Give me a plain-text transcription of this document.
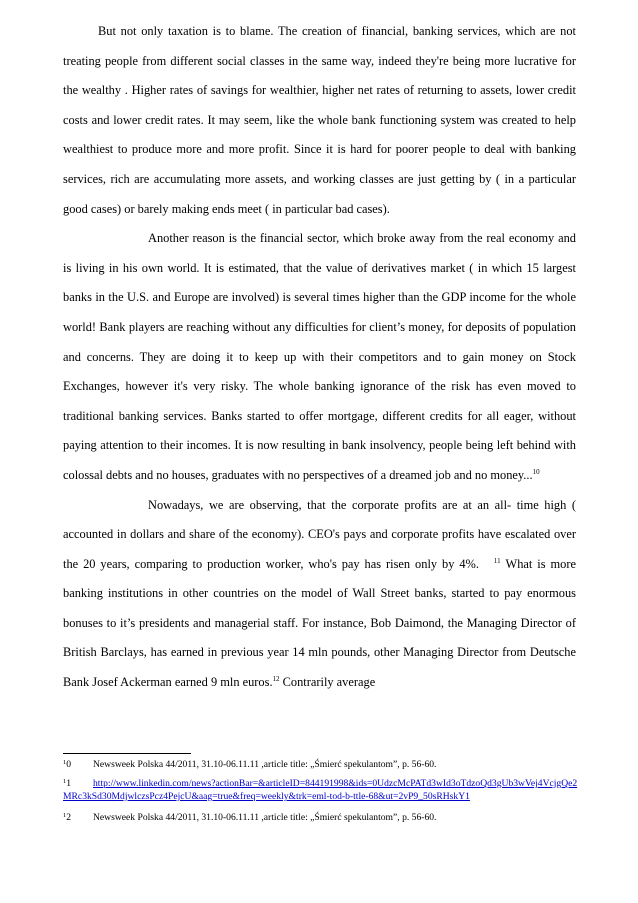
But not only taxation is to blame. The creation of financial, banking services, which are not treating people from different social classes in the same way, indeed they're being more lucrative for the wealthy . Higher rates of savings for wealthier, higher net rates of returning to assets, lower credit costs and lower credit rates. It may seem, like the whole bank functioning system was created to help wealthiest to produce more and more profit. Since it is hard for poorer people to deal with banking services, rich are accumulating more assets, and working classes are just getting by ( in a particular good cases) or barely making ends meet ( in particular bad cases).

Another reason is the financial sector, which broke away from the real economy and is living in his own world. It is estimated, that the value of derivatives market ( in which 15 largest banks in the U.S. and Europe are involved) is several times higher than the GDP income for the whole world! Bank players are reaching without any difficulties for client’s money, for deposits of population and concerns. They are doing it to keep up with their competitors and to gain money on Stock Exchanges, however it's very risky. The whole banking ignorance of the risk has even moved to traditional banking services. Banks started to offer mortgage, different credits for all eager, without paying attention to their incomes. It is now resulting in bank insolvency, people being left behind with colossal debts and no houses, graduates with no perspectives of a dreamed job and no money...$^{10}$

Nowadays, we are observing, that the corporate profits are at an all- time high ( accounted in dollars and share of the economy). CEO's pays and corporate profits have escalated over the 20 years, comparing to production worker, who's pay has risen only by 4%. $^{11}$ What is more banking institutions in other countries on the model of Wall Street banks, started to pay enormous bonuses to it’s presidents and managerial staff. For instance, Bob Daimond, the Managing Director of British Barclays, has earned in previous year 14 mln pounds, other Managing Director from Deutsche Bank Josef Ackerman earned 9 mln euros.$^{12}$ Contrarily average

$^1$0	Newsweek Polska 44/2011, 31.10-06.11.11 ,article title: „Śmierć spekulantom”, p. 56-60.
$^1$1	http://www.linkedin.com/news?actionBar=&articleID=844191998&ids=0UdzcMcPATd3wId3oTdzoQd3gUb3wVej4VcjgQe2MRc3kSd30MdjwlczsPcz4PejcU&aag=true&freq=weekly&trk=eml-tod-b-ttle-68&ut=2vP9_50sRHskY1
$^1$2	Newsweek Polska 44/2011, 31.10-06.11.11 ,article title: „Śmierć spekulantom”, p. 56-60.
